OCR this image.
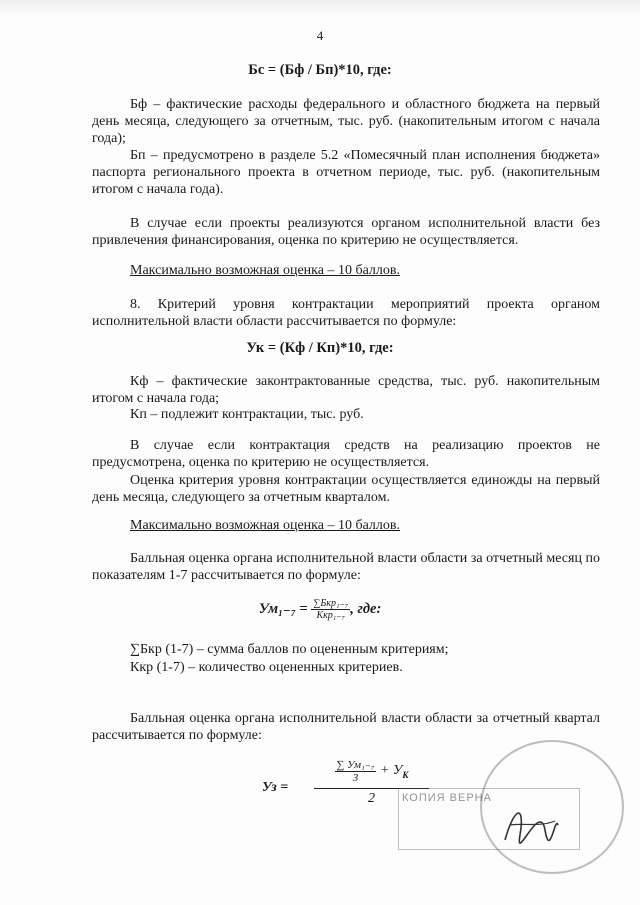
4
Бс = (Бф / Бп)*10, где:
Бф – фактические расходы федерального и областного бюджета на первый день месяца, следующего за отчетным, тыс. руб. (накопительным итогом с начала года);
Бп – предусмотрено в разделе 5.2 «Помесячный план исполнения бюджета» паспорта регионального проекта в отчетном периоде, тыс. руб. (накопительным итогом с начала года).
В случае если проекты реализуются органом исполнительной власти без привлечения финансирования, оценка по критерию не осуществляется.
Максимально возможная оценка – 10 баллов.
8. Критерий уровня контрактации мероприятий проекта органом исполнительной власти области рассчитывается по формуле:
Ук = (Кф / Кп)*10, где:
Кф – фактические законтрактованные средства, тыс. руб. накопительным итогом с начала года;
Кп – подлежит контрактации, тыс. руб.
В случае если контрактация средств на реализацию проектов не предусмотрена, оценка по критерию не осуществляется.
Оценка критерия уровня контрактации осуществляется единожды на первый день месяца, следующего за отчетным кварталом.
Максимально возможная оценка – 10 баллов.
Балльная оценка органа исполнительной власти области за отчетный месяц по показателям 1-7 рассчитывается по формуле:
$Ум_{1-7} = \frac{\text{∑Бкр₁₋₇}}{\text{Ккр₁₋₇}}$ , где:
∑Бкр (1-7) – сумма баллов по оцененным критериям;
Ккр (1-7) – количество оцененных критериев.
Балльная оценка органа исполнительной власти области за отчетный квартал рассчитывается по формуле:
Уз =
$\frac{\text{∑ Ум₁₋₇}}{3} + У_К$
2	КОПИЯ ВЕРНА
